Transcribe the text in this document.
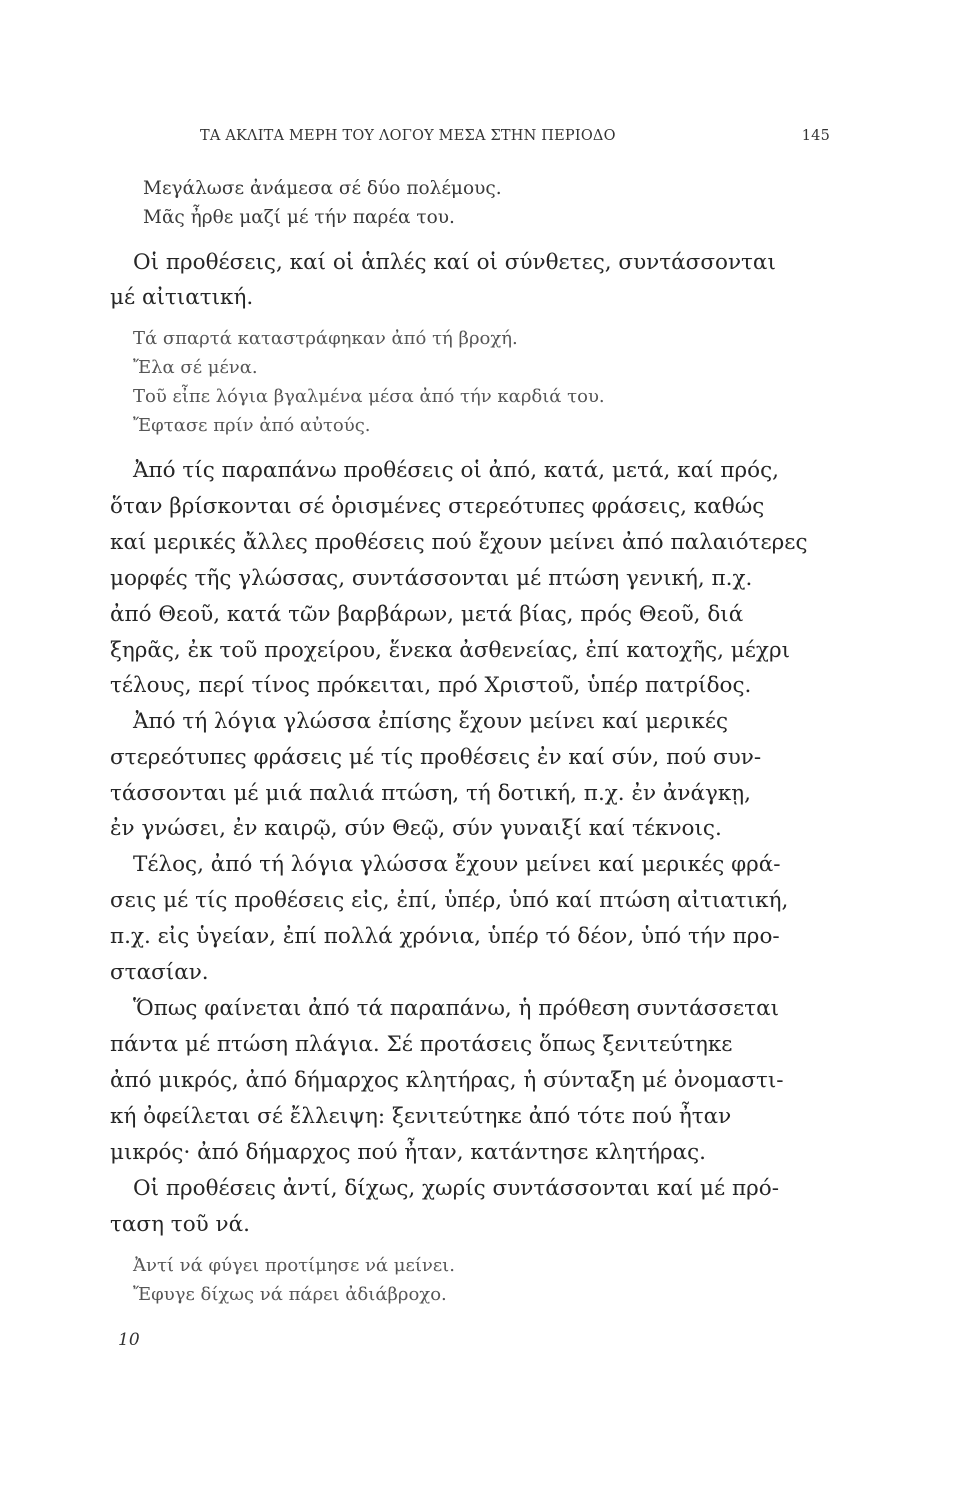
ΤΑ ΑΚΛΙΤΑ ΜΕΡΗ ΤΟΥ ΛΟΓΟΥ ΜΕΣΑ ΣΤΗΝ ΠΕΡΙΟΔΟ	145
Μεγάλωσε ἀνάμεσα σέ δύο πολέμους.
Μᾶς ἦρθε μαζί μέ τήν παρέα του.
Οἱ προθέσεις, καί οἱ ἁπλές καί οἱ σύνθετες, συντάσσονται
μέ αἰτιατική.
Τά σπαρτά καταστράφηκαν ἀπό τή βροχή.
Ἔλα σέ μένα.
Τοῦ εἶπε λόγια βγαλμένα μέσα ἀπό τήν καρδιά του.
Ἔφτασε πρίν ἀπό αὐτούς.
Ἀπό τίς παραπάνω προθέσεις οἱ ἀπό, κατά, μετά, καί πρός,
ὅταν βρίσκονται σέ ὁρισμένες στερεότυπες φράσεις, καθώς
καί μερικές ἄλλες προθέσεις πού ἔχουν μείνει ἀπό παλαιότερες
μορφές τῆς γλώσσας, συντάσσονται μέ πτώση γενική, π.χ.
ἀπό Θεοῦ, κατά τῶν βαρβάρων, μετά βίας, πρός Θεοῦ, διά
ξηρᾶς, ἐκ τοῦ προχείρου, ἕνεκα ἀσθενείας, ἐπί κατοχῆς, μέχρι
τέλους, περί τίνος πρόκειται, πρό Χριστοῦ, ὑπέρ πατρίδος.
Ἀπό τή λόγια γλώσσα ἐπίσης ἔχουν μείνει καί μερικές
στερεότυπες φράσεις μέ τίς προθέσεις ἐν καί σύν, πού συν-
τάσσονται μέ μιά παλιά πτώση, τή δοτική, π.χ. ἐν ἀνάγκῃ,
ἐν γνώσει, ἐν καιρῷ, σύν Θεῷ, σύν γυναιξί καί τέκνοις.
Τέλος, ἀπό τή λόγια γλώσσα ἔχουν μείνει καί μερικές φρά-
σεις μέ τίς προθέσεις εἰς, ἐπί, ὑπέρ, ὑπό καί πτώση αἰτιατική,
π.χ. εἰς ὑγείαν, ἐπί πολλά χρόνια, ὑπέρ τό δέον, ὑπό τήν προ-
στασίαν.
Ὅπως φαίνεται ἀπό τά παραπάνω, ἡ πρόθεση συντάσσεται
πάντα μέ πτώση πλάγια. Σέ προτάσεις ὅπως ξενιτεύτηκε
ἀπό μικρός, ἀπό δήμαρχος κλητήρας, ἡ σύνταξη μέ ὀνομαστι-
κή ὀφείλεται σέ ἔλλειψη: ξενιτεύτηκε ἀπό τότε πού ἦταν
μικρός· ἀπό δήμαρχος πού ἦταν, κατάντησε κλητήρας.
Οἱ προθέσεις ἀντί, δίχως, χωρίς συντάσσονται καί μέ πρό-
ταση τοῦ νά.
Ἀντί νά φύγει προτίμησε νά μείνει.
Ἔφυγε δίχως νά πάρει ἀδιάβροχο.
10
